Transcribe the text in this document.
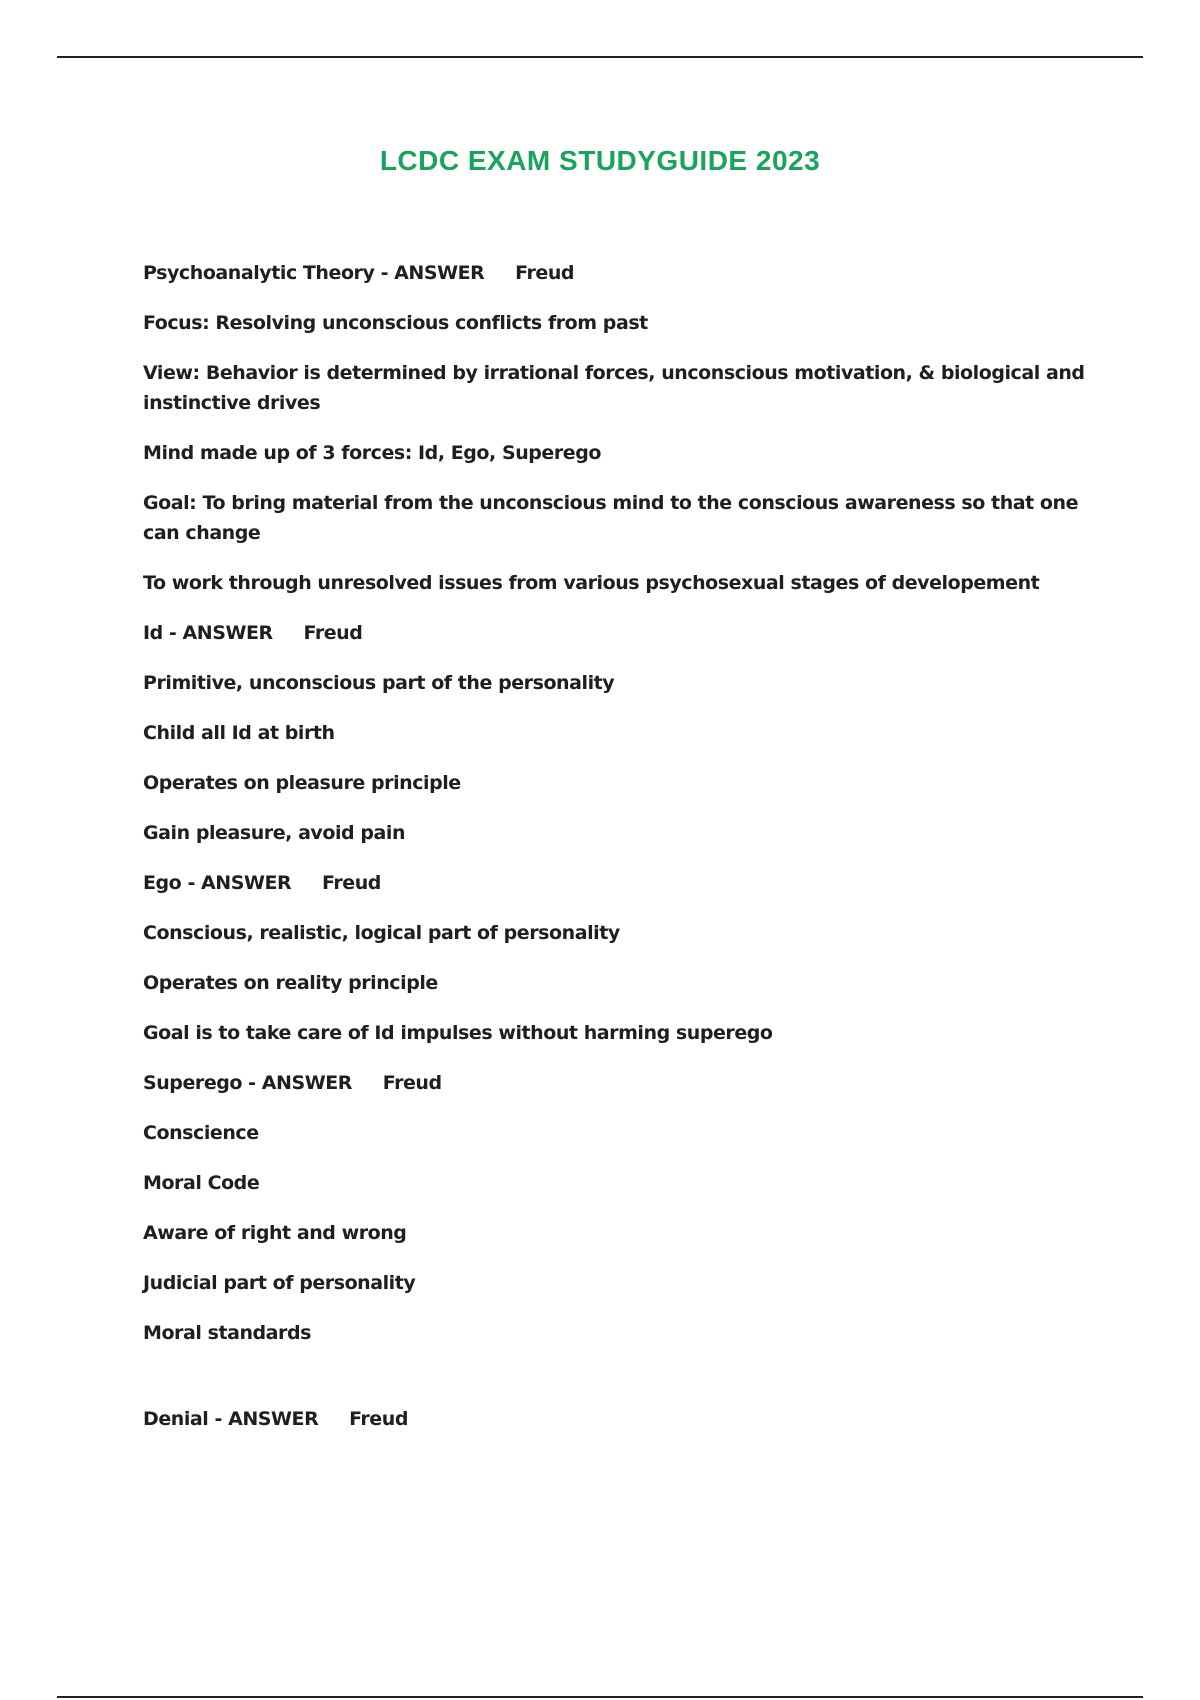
LCDC EXAM STUDYGUIDE 2023

Psychoanalytic Theory - ANSWER     Freud

Focus: Resolving unconscious conflicts from past

View: Behavior is determined by irrational forces, unconscious motivation, & biological and instinctive drives

Mind made up of 3 forces: Id, Ego, Superego

Goal: To bring material from the unconscious mind to the conscious awareness so that one can change

To work through unresolved issues from various psychosexual stages of developement

Id - ANSWER     Freud

Primitive, unconscious part of the personality

Child all Id at birth

Operates on pleasure principle

Gain pleasure, avoid pain

Ego - ANSWER     Freud

Conscious, realistic, logical part of personality

Operates on reality principle

Goal is to take care of Id impulses without harming superego

Superego - ANSWER     Freud

Conscience

Moral Code

Aware of right and wrong

Judicial part of personality

Moral standards

Denial - ANSWER     Freud
